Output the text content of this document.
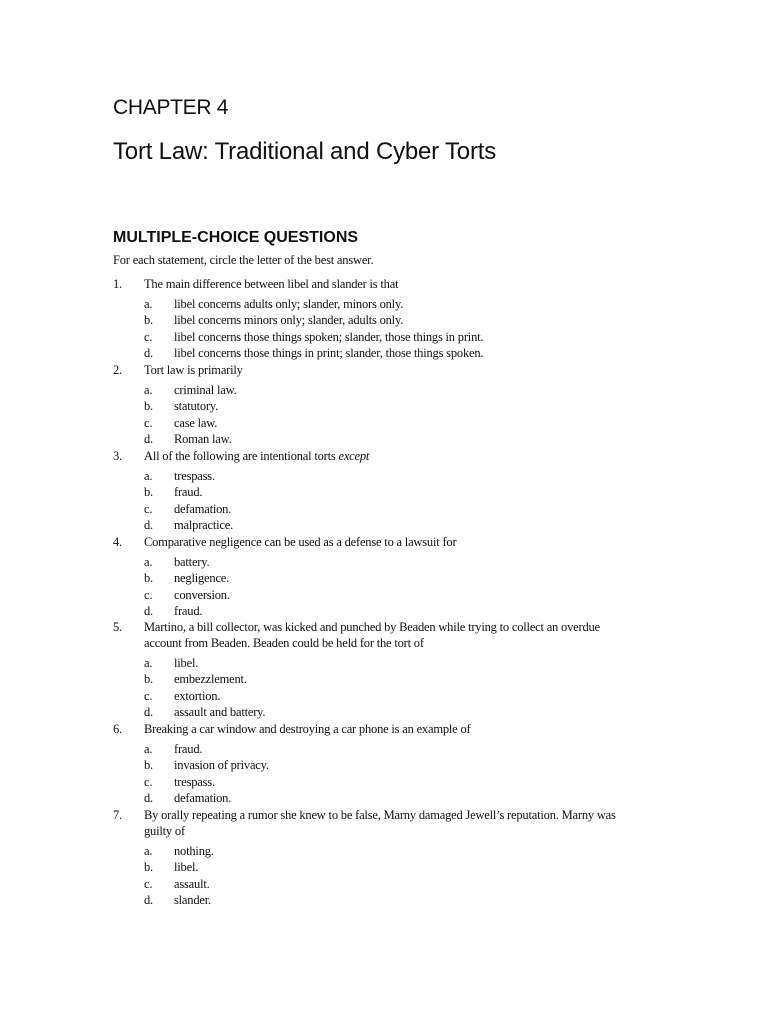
CHAPTER 4
Tort Law: Traditional and Cyber Torts
MULTIPLE-CHOICE QUESTIONS
For each statement, circle the letter of the best answer.
1. The main difference between libel and slander is that
a. libel concerns adults only; slander, minors only.
b. libel concerns minors only; slander, adults only.
c. libel concerns those things spoken; slander, those things in print.
d. libel concerns those things in print; slander, those things spoken.
2. Tort law is primarily
a. criminal law.
b. statutory.
c. case law.
d. Roman law.
3. All of the following are intentional torts except
a. trespass.
b. fraud.
c. defamation.
d. malpractice.
4. Comparative negligence can be used as a defense to a lawsuit for
a. battery.
b. negligence.
c. conversion.
d. fraud.
5. Martino, a bill collector, was kicked and punched by Beaden while trying to collect an overdue account from Beaden. Beaden could be held for the tort of
a. libel.
b. embezzlement.
c. extortion.
d. assault and battery.
6. Breaking a car window and destroying a car phone is an example of
a. fraud.
b. invasion of privacy.
c. trespass.
d. defamation.
7. By orally repeating a rumor she knew to be false, Marny damaged Jewell’s reputation. Marny was guilty of
a. nothing.
b. libel.
c. assault.
d. slander.
